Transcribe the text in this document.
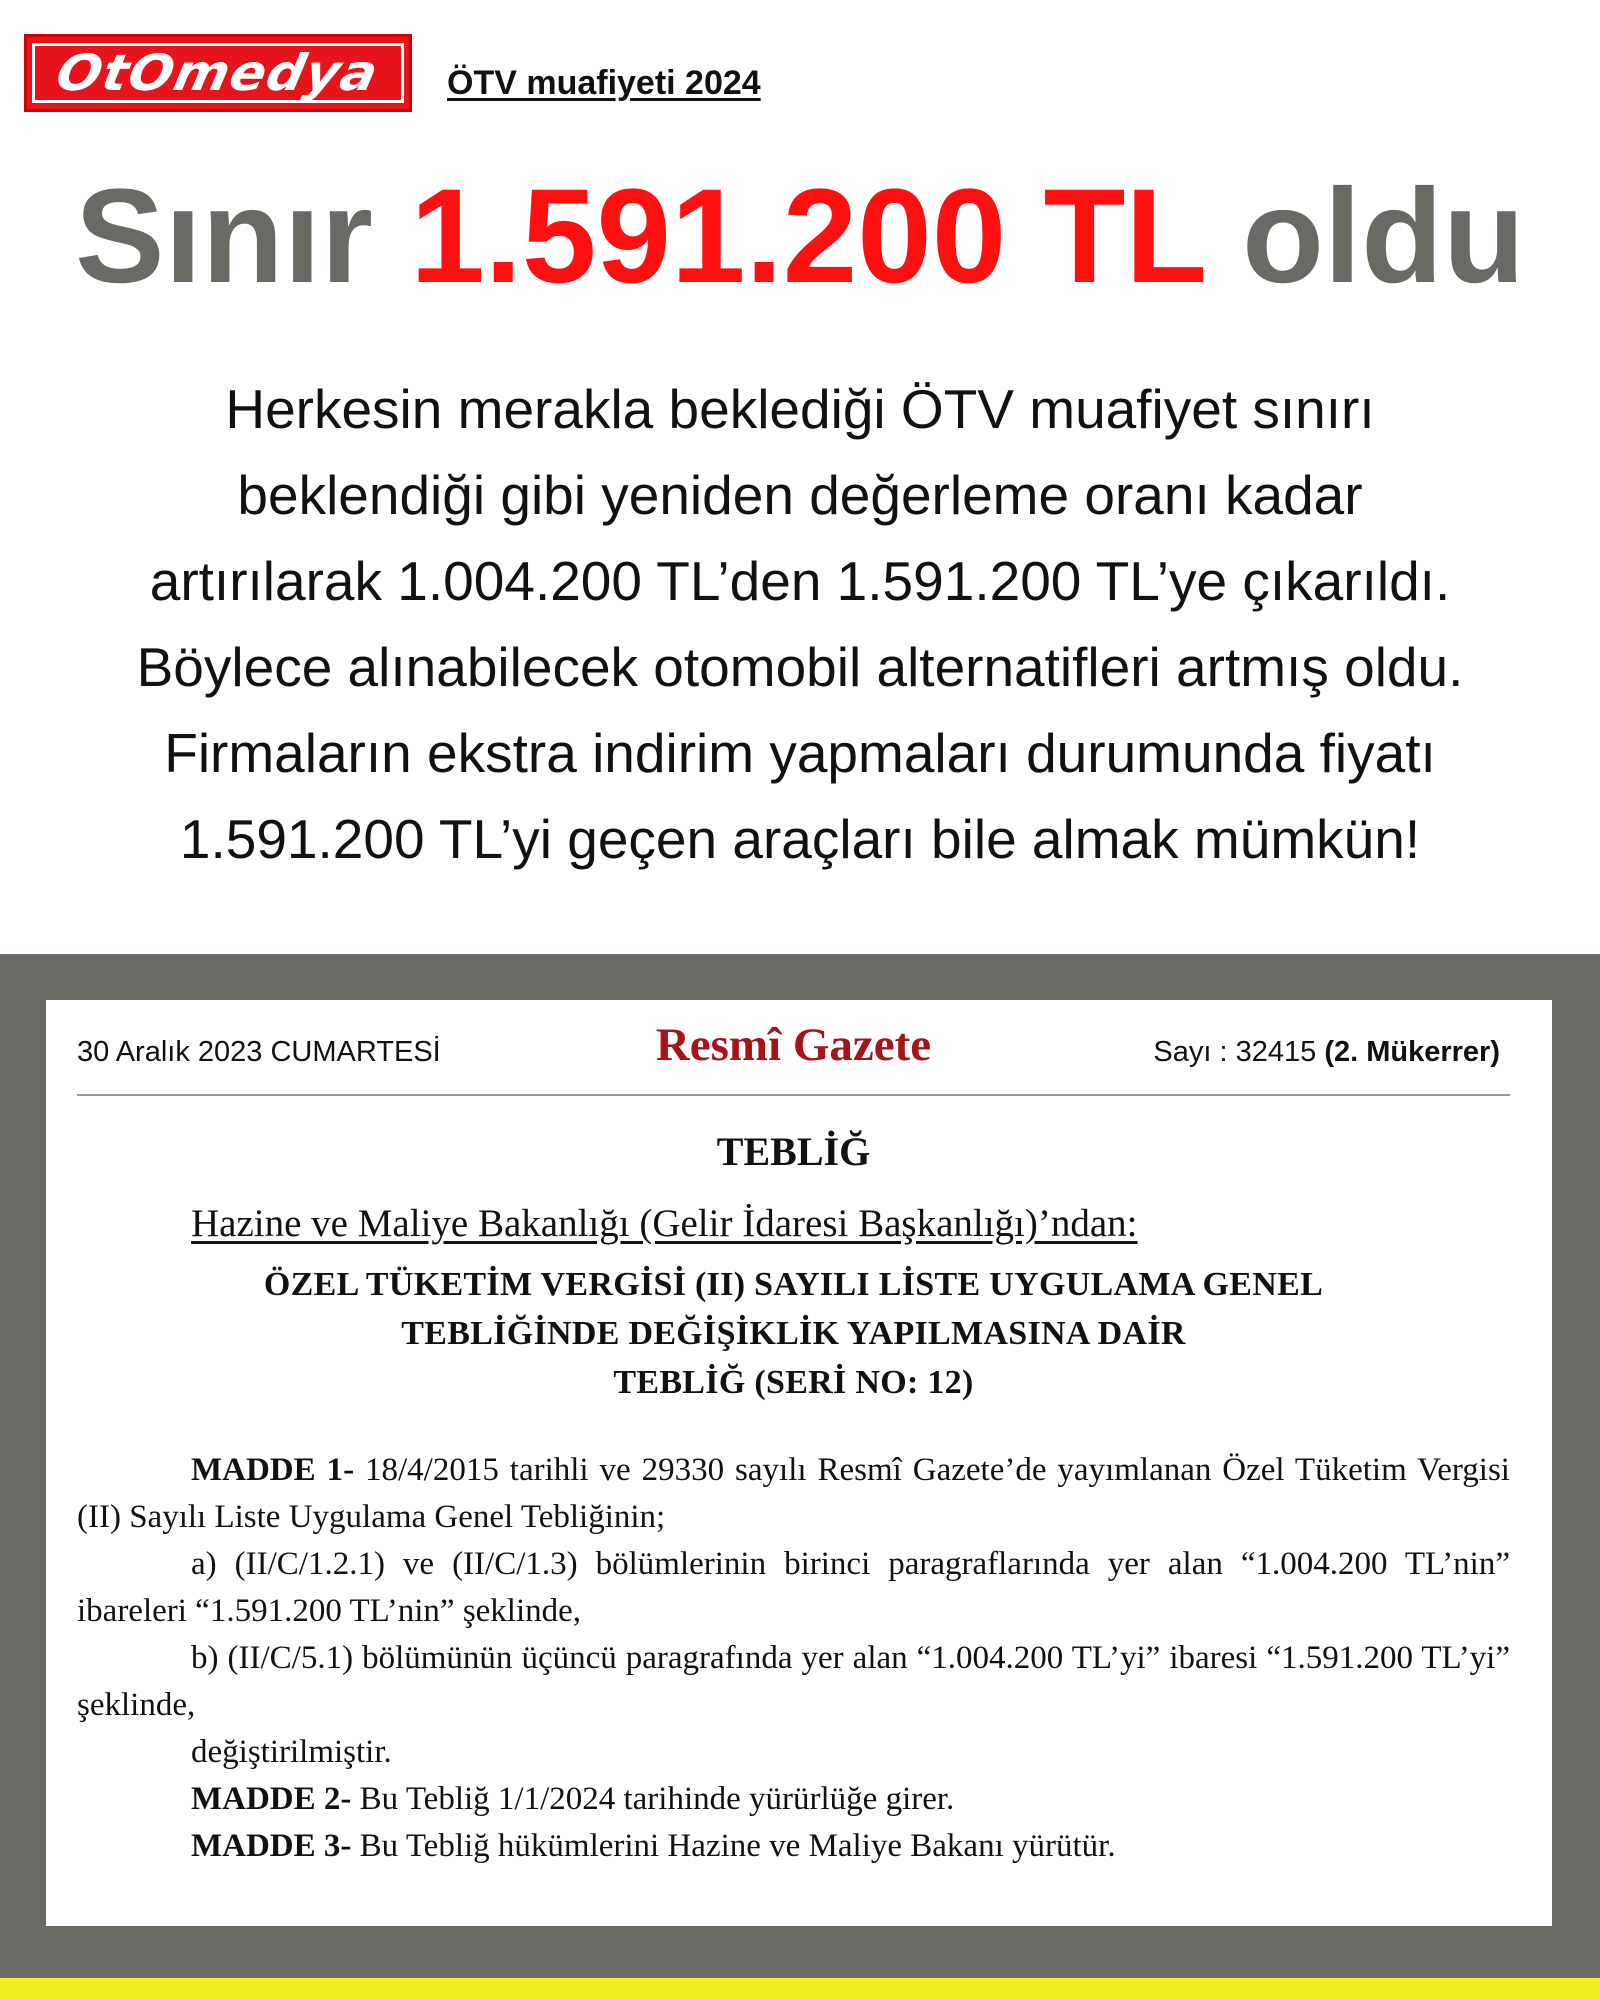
OtOmedya ÖTV muafiyeti 2024
Sınır 1.591.200 TL oldu
Herkesin merakla beklediği ÖTV muafiyet sınırı
beklendiği gibi yeniden değerleme oranı kadar
artırılarak 1.004.200 TL’den 1.591.200 TL’ye çıkarıldı.
Böylece alınabilecek otomobil alternatifleri artmış oldu.
Firmaların ekstra indirim yapmaları durumunda fiyatı
1.591.200 TL’yi geçen araçları bile almak mümkün!
30 Aralık 2023 CUMARTESİ	Resmî Gazete	Sayı : 32415 (2. Mükerrer)
TEBLİĞ
Hazine ve Maliye Bakanlığı (Gelir İdaresi Başkanlığı)’ndan:
ÖZEL TÜKETİM VERGİSİ (II) SAYILI LİSTE UYGULAMA GENEL
TEBLİĞİNDE DEĞİŞİKLİK YAPILMASINA DAİR
TEBLİĞ (SERİ NO: 12)

MADDE 1- 18/4/2015 tarihli ve 29330 sayılı Resmî Gazete’de yayımlanan Özel Tüketim Vergisi (II) Sayılı Liste Uygulama Genel Tebliğinin;

a) (II/C/1.2.1) ve (II/C/1.3) bölümlerinin birinci paragraflarında yer alan “1.004.200 TL’nin” ibareleri “1.591.200 TL’nin” şeklinde,

b) (II/C/5.1) bölümünün üçüncü paragrafında yer alan “1.004.200 TL’yi” ibaresi “1.591.200 TL’yi” şeklinde,

değiştirilmiştir.

MADDE 2- Bu Tebliğ 1/1/2024 tarihinde yürürlüğe girer.

MADDE 3- Bu Tebliğ hükümlerini Hazine ve Maliye Bakanı yürütür.
